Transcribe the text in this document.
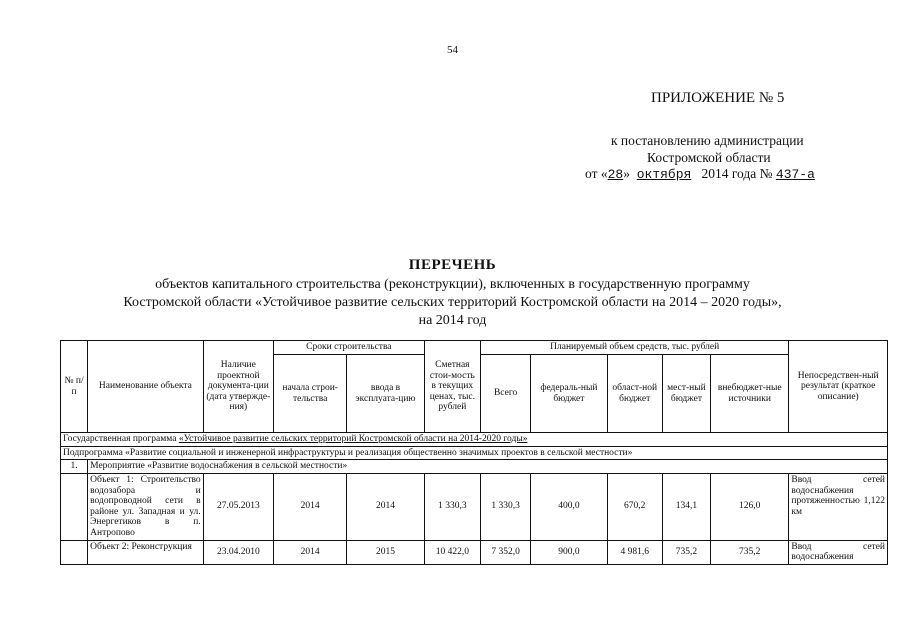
54
ПРИЛОЖЕНИЕ № 5
к постановлению администрации
Костромской области
от «28» октября 2014 года № 437-а
ПЕРЕЧЕНЬ
объектов капитального строительства (реконструкции), включенных в государственную программу
Костромской области «Устойчивое развитие сельских территорий Костромской области на 2014 – 2020 годы»,
на 2014 год
№ п/п	Наименование объекта	Наличие проектной документа-ции (дата утвержде-ния)	Сроки строительства		Сметная стои-мость в текущих ценах, тыс. рублей	Планируемый объем средств, тыс. рублей					Непосредствен-ный результат (краткое описание)
			начала строи-тельства	ввода в эксплуата-цию		Всего	федераль-ный бюджет	област-ной бюджет	мест-ный бюджет	внебюджет-ные источники	
Государственная программа «Устойчивое развитие сельских территорий Костромской области на 2014-2020 годы»											
Подпрограмма «Развитие социальной и инженерной инфраструктуры и реализация общественно значимых проектов в сельской местности»											
1.	Мероприятие «Развитие водоснабжения в сельской местности»										
	Объект 1: Строительство водозабора и водопроводной сети в районе ул. Западная и ул. Энергетиков в п. Антропово	27.05.2013	2014	2014	1 330,3	1 330,3	400,0	670,2	134,1	126,0	Ввод сетей водоснабжения протяженностью 1,122 км
	Объект 2: Реконструкция	23.04.2010	2014	2015	10 422,0	7 352,0	900,0	4 981,6	735,2	735,2	Ввод сетей водоснабжения
